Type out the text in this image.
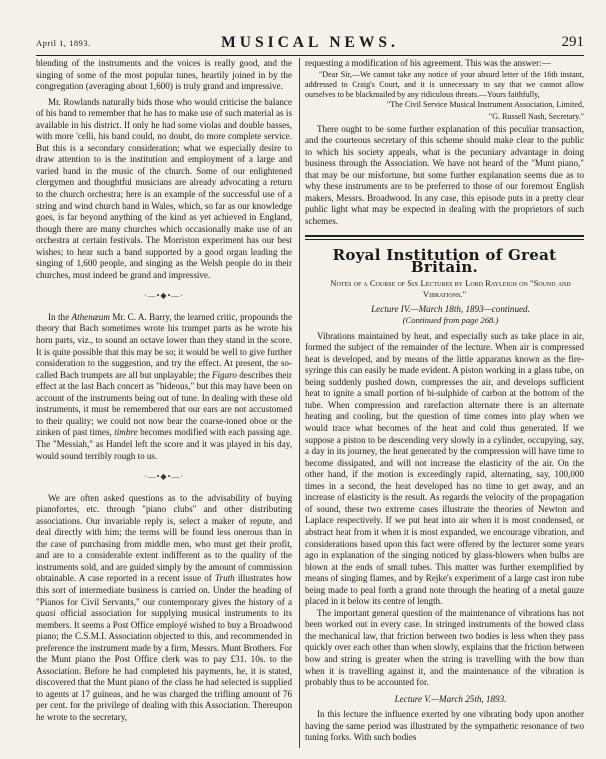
April 1, 1893.	MUSICAL NEWS.	291

blending of the instruments and the voices is really good, and the singing of some of the most popular tunes, heartily joined in by the congregation (averaging about 1,600) is truly grand and impressive.

Mr. Rowlands naturally bids those who would criticise the balance of his band to remember that he has to make use of such material as is available in his district. If only he had some violas and double basses, with more 'celli, his band could, no doubt, do more complete service. But this is a secondary consideration; what we especially desire to draw attention to is the institution and employment of a large and varied band in the music of the church. Some of our enlightened clergymen and thoughtful musicians are already advocating a return to the church orchestra; here is an example of the successful use of a string and wind church band in Wales, which, so far as our knowledge goes, is far beyond anything of the kind as yet achieved in England, though there are many churches which occasionally make use of an orchestra at certain festivals. The Morriston experiment has our best wishes; to hear such a band supported by a good organ leading the singing of 1,600 people, and singing as the Welsh people do in their churches, must indeed be grand and impressive.

·—•◆•—·

In the Athenæum Mr. C. A. Barry, the learned critic, propounds the theory that Bach sometimes wrote his trumpet parts as he wrote his horn parts, viz., to sound an octave lower than they stand in the score. It is quite possible that this may be so; it would be well to give further consideration to the suggestion, and try the effect. At present, the so-called Bach trumpets are all but unplayable; the Figaro describes their effect at the last Bach concert as "hideous," but this may have been on account of the instruments being out of tune. In dealing with these old instruments, it must be remembered that our ears are not accustomed to their quality; we could not now bear the coarse-toned oboe or the zinken of past times, timbre becomes modified with each passing age. The "Messiah," as Handel left the score and it was played in his day, would sound terribly rough to us.

·—•◆•—·

We are often asked questions as to the advisability of buying pianofortes, etc. through "piano clubs" and other distributing associations. Our invariable reply is, select a maker of repute, and deal directly with him; the terms will be found less onerous than in the case of purchasing from middle men, who must get their profit, and are to a considerable extent indifferent as to the quality of the instruments sold, and are guided simply by the amount of commission obtainable. A case reported in a recent issue of Truth illustrates how this sort of intermediate business is carried on. Under the heading of "Pianos for Civil Servants," our contemporary gives the history of a quasi official association for supplying musical instruments to its members. It seems a Post Office employé wished to buy a Broadwood piano; the C.S.M.I. Association objected to this, and recommended in preference the instrument made by a firm, Messrs. Munt Brothers. For the Munt piano the Post Office clerk was to pay £31. 10s. to the Association. Before he had completed his payments, he, it is stated, discovered that the Munt piano of the class he had selected is supplied to agents at 17 guineas, and he was charged the trifling amount of 76 per cent. for the privilege of dealing with this Association. Thereupon he wrote to the secretary,

requesting a modification of his agreement. This was the answer:—

"Dear Sir,—We cannot take any notice of your absurd letter of the 16th instant, addressed to Craig's Court, and it is unnecessary to say that we cannot allow ourselves to be blackmailed by any ridiculous threats.—Yours faithfully,

"The Civil Service Musical Instrument Association, Limited,

"G. Russell Nash, Secretary."

There ought to be some further explanation of this peculiar transaction, and the courteous secretary of this scheme should make clear to the public to which his society appeals, what is the pecuniary advantage in doing business through the Association. We have not heard of the "Munt piano," that may be our misfortune, but some further explanation seems due as to why these instruments are to be preferred to those of our foremost English makers, Messrs. Broadwood. In any case, this episode puts in a pretty clear public light what may be expected in dealing with the proprietors of such schemes.

Royal Institution of Great Britain.

Notes of a Course of Six Lectures by Lord Rayleigh on "Sound and Vibrations."

Lecture IV.—March 18th, 1893—continued.

(Continued from page 268.)

Vibrations maintained by heat, and especially such as take place in air, formed the subject of the remainder of the lecture. When air is compressed heat is developed, and by means of the little apparatus known as the fire-syringe this can easily be made evident. A piston working in a glass tube, on being suddenly pushed down, compresses the air, and develops sufficient heat to ignite a small portion of bi-sulphide of carbon at the bottom of the tube. When compression and rarefaction alternate there is an alternate heating and cooling, but the question of time comes into play when we would trace what becomes of the heat and cold thus generated. If we suppose a piston to be descending very slowly in a cylinder, occupying, say, a day in its journey, the heat generated by the compression will have time to become dissipated, and will not increase the elasticity of the air. On the other hand, if the motion is exceedingly rapid, alternating, say, 100,000 times in a second, the heat developed has no time to get away, and an increase of elasticity is the result. As regards the velocity of the propagation of sound, these two extreme cases illustrate the theories of Newton and Laplace respectively. If we put heat into air when it is most condensed, or abstract heat from it when it is most expanded, we encourage vibration, and considerations based upon this fact were offered by the lecturer some years ago in explanation of the singing noticed by glass-blowers when bulbs are blown at the ends of small tubes. This matter was further exemplified by means of singing flames, and by Rejke's experiment of a large cast iron tube being made to peal forth a grand note through the heating of a metal gauze placed in it below its centre of length.

The important general question of the maintenance of vibrations has not been worked out in every case. In stringed instruments of the bowed class the mechanical law, that friction between two bodies is less when they pass quickly over each other than when slowly, explains that the friction between bow and string is greater when the string is travelling with the bow than when it is travelling against it, and the maintenance of the vibration is probably thus to be accounted for.

Lecture V.—March 25th, 1893.

In this lecture the influence exerted by one vibrating body upon another having the same period was illustrated by the sympathetic resonance of two tuning forks. With such bodies
